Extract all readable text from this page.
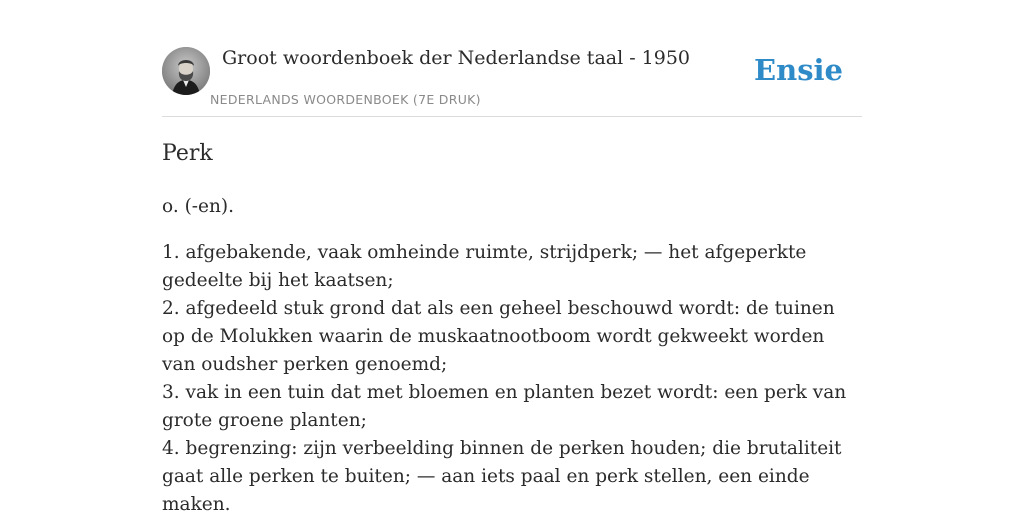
Groot woordenboek der Nederlandse taal - 1950
NEDERLANDS WOORDENBOEK (7E DRUK)
Ensie
Perk

o. (-en).

1. afgebakende, vaak omheinde ruimte, strijdperk; — het afgeperkte gedeelte bij het kaatsen;
2. afgedeeld stuk grond dat als een geheel beschouwd wordt: de tuinen op de Molukken waarin de muskaatnootboom wordt gekweekt worden van oudsher perken genoemd;
3. vak in een tuin dat met bloemen en planten bezet wordt: een perk van grote groene planten;
4. begrenzing: zijn verbeelding binnen de perken houden; die brutaliteit gaat alle perken te buiten; — aan iets paal en perk stellen, een einde maken.
